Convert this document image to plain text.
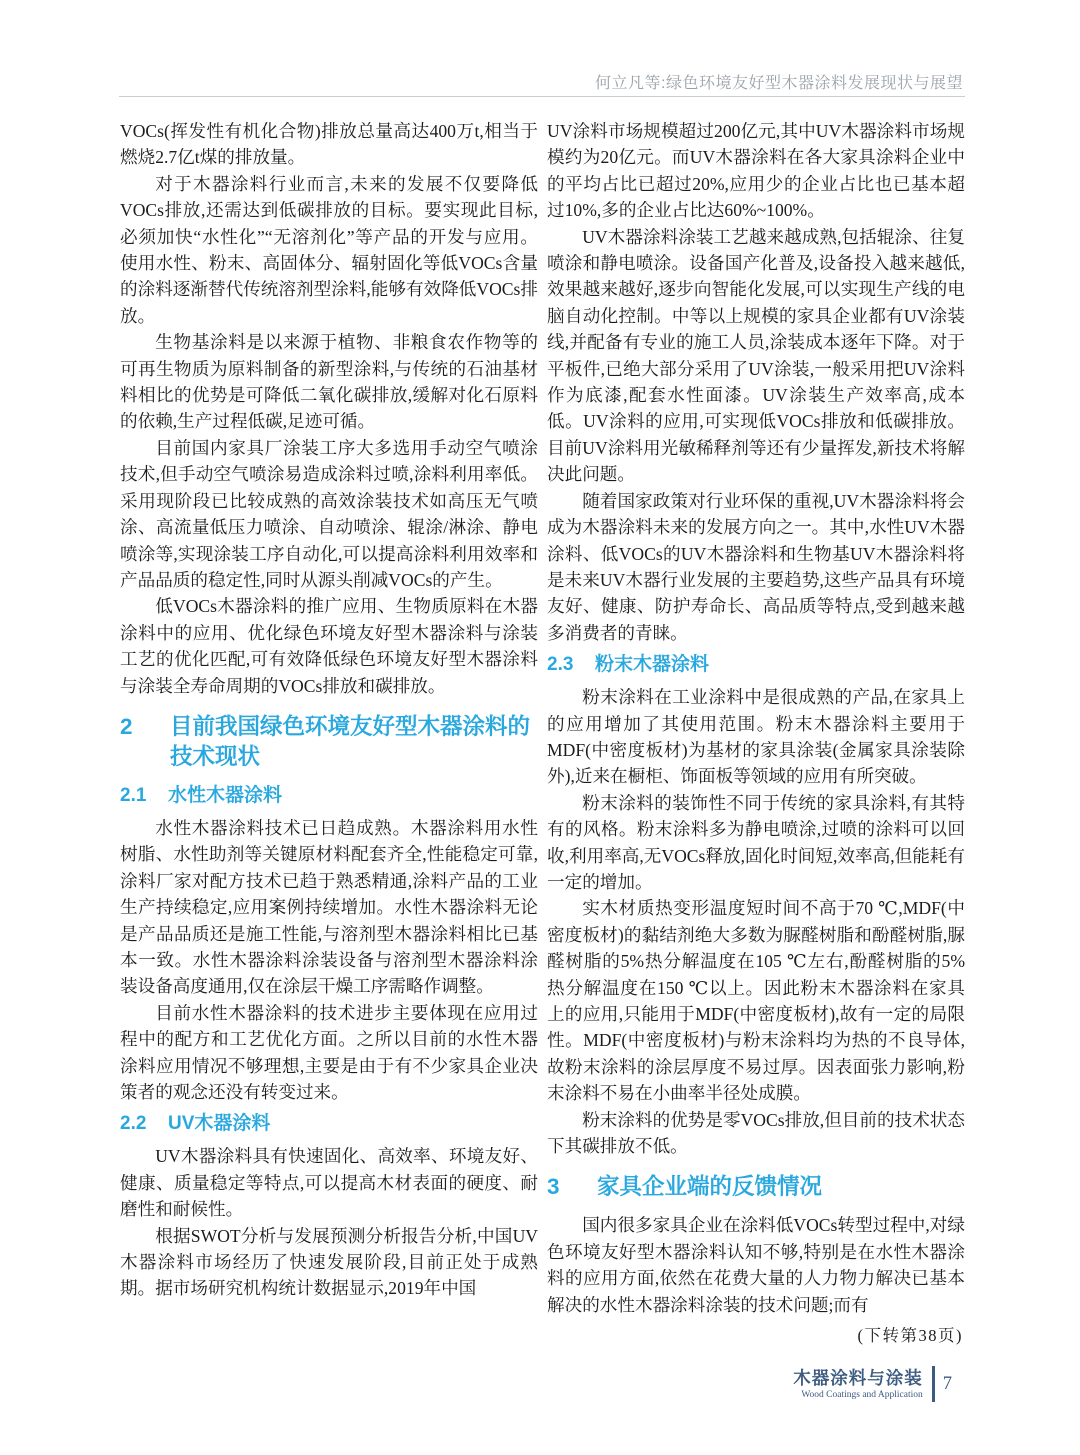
何立凡等:绿色环境友好型木器涂料发展现状与展望

VOCs(挥发性有机化合物)排放总量高达400万t,相当于燃烧2.7亿t煤的排放量。

对于木器涂料行业而言,未来的发展不仅要降低VOCs排放,还需达到低碳排放的目标。要实现此目标,必须加快“水性化”“无溶剂化”等产品的开发与应用。使用水性、粉末、高固体分、辐射固化等低VOCs含量的涂料逐渐替代传统溶剂型涂料,能够有效降低VOCs排放。

生物基涂料是以来源于植物、非粮食农作物等的可再生物质为原料制备的新型涂料,与传统的石油基材料相比的优势是可降低二氧化碳排放,缓解对化石原料的依赖,生产过程低碳,足迹可循。

目前国内家具厂涂装工序大多选用手动空气喷涂技术,但手动空气喷涂易造成涂料过喷,涂料利用率低。采用现阶段已比较成熟的高效涂装技术如高压无气喷涂、高流量低压力喷涂、自动喷涂、辊涂/淋涂、静电喷涂等,实现涂装工序自动化,可以提高涂料利用效率和产品品质的稳定性,同时从源头削减VOCs的产生。

低VOCs木器涂料的推广应用、生物质原料在木器涂料中的应用、优化绿色环境友好型木器涂料与涂装工艺的优化匹配,可有效降低绿色环境友好型木器涂料与涂装全寿命周期的VOCs排放和碳排放。

2	目前我国绿色环境友好型木器涂料的技术现状
2.1	水性木器涂料

水性木器涂料技术已日趋成熟。木器涂料用水性树脂、水性助剂等关键原材料配套齐全,性能稳定可靠,涂料厂家对配方技术已趋于熟悉精通,涂料产品的工业生产持续稳定,应用案例持续增加。水性木器涂料无论是产品品质还是施工性能,与溶剂型木器涂料相比已基本一致。水性木器涂料涂装设备与溶剂型木器涂料涂装设备高度通用,仅在涂层干燥工序需略作调整。

目前水性木器涂料的技术进步主要体现在应用过程中的配方和工艺优化方面。之所以目前的水性木器涂料应用情况不够理想,主要是由于有不少家具企业决策者的观念还没有转变过来。

2.2	UV木器涂料

UV木器涂料具有快速固化、高效率、环境友好、健康、质量稳定等特点,可以提高木材表面的硬度、耐磨性和耐候性。

根据SWOT分析与发展预测分析报告分析,中国UV木器涂料市场经历了快速发展阶段,目前正处于成熟期。据市场研究机构统计数据显示,2019年中国

UV涂料市场规模超过200亿元,其中UV木器涂料市场规模约为20亿元。而UV木器涂料在各大家具涂料企业中的平均占比已超过20%,应用少的企业占比也已基本超过10%,多的企业占比达60%~100%。

UV木器涂料涂装工艺越来越成熟,包括辊涂、往复喷涂和静电喷涂。设备国产化普及,设备投入越来越低,效果越来越好,逐步向智能化发展,可以实现生产线的电脑自动化控制。中等以上规模的家具企业都有UV涂装线,并配备有专业的施工人员,涂装成本逐年下降。对于平板件,已绝大部分采用了UV涂装,一般采用把UV涂料作为底漆,配套水性面漆。UV涂装生产效率高,成本低。UV涂料的应用,可实现低VOCs排放和低碳排放。目前UV涂料用光敏稀释剂等还有少量挥发,新技术将解决此问题。

随着国家政策对行业环保的重视,UV木器涂料将会成为木器涂料未来的发展方向之一。其中,水性UV木器涂料、低VOCs的UV木器涂料和生物基UV木器涂料将是未来UV木器行业发展的主要趋势,这些产品具有环境友好、健康、防护寿命长、高品质等特点,受到越来越多消费者的青睐。

2.3	粉末木器涂料

粉末涂料在工业涂料中是很成熟的产品,在家具上的应用增加了其使用范围。粉末木器涂料主要用于MDF(中密度板材)为基材的家具涂装(金属家具涂装除外),近来在橱柜、饰面板等领域的应用有所突破。

粉末涂料的装饰性不同于传统的家具涂料,有其特有的风格。粉末涂料多为静电喷涂,过喷的涂料可以回收,利用率高,无VOCs释放,固化时间短,效率高,但能耗有一定的增加。

实木材质热变形温度短时间不高于70 ℃,MDF(中密度板材)的黏结剂绝大多数为脲醛树脂和酚醛树脂,脲醛树脂的5%热分解温度在105 ℃左右,酚醛树脂的5%热分解温度在150 ℃以上。因此粉末木器涂料在家具上的应用,只能用于MDF(中密度板材),故有一定的局限性。MDF(中密度板材)与粉末涂料均为热的不良导体,故粉末涂料的涂层厚度不易过厚。因表面张力影响,粉末涂料不易在小曲率半径处成膜。

粉末涂料的优势是零VOCs排放,但目前的技术状态下其碳排放不低。

3	家具企业端的反馈情况

国内很多家具企业在涂料低VOCs转型过程中,对绿色环境友好型木器涂料认知不够,特别是在水性木器涂料的应用方面,依然在花费大量的人力物力解决已基本解决的水性木器涂料涂装的技术问题;而有

(下转第38页)

木器涂料与涂装
Wood Coatings and Application
7
